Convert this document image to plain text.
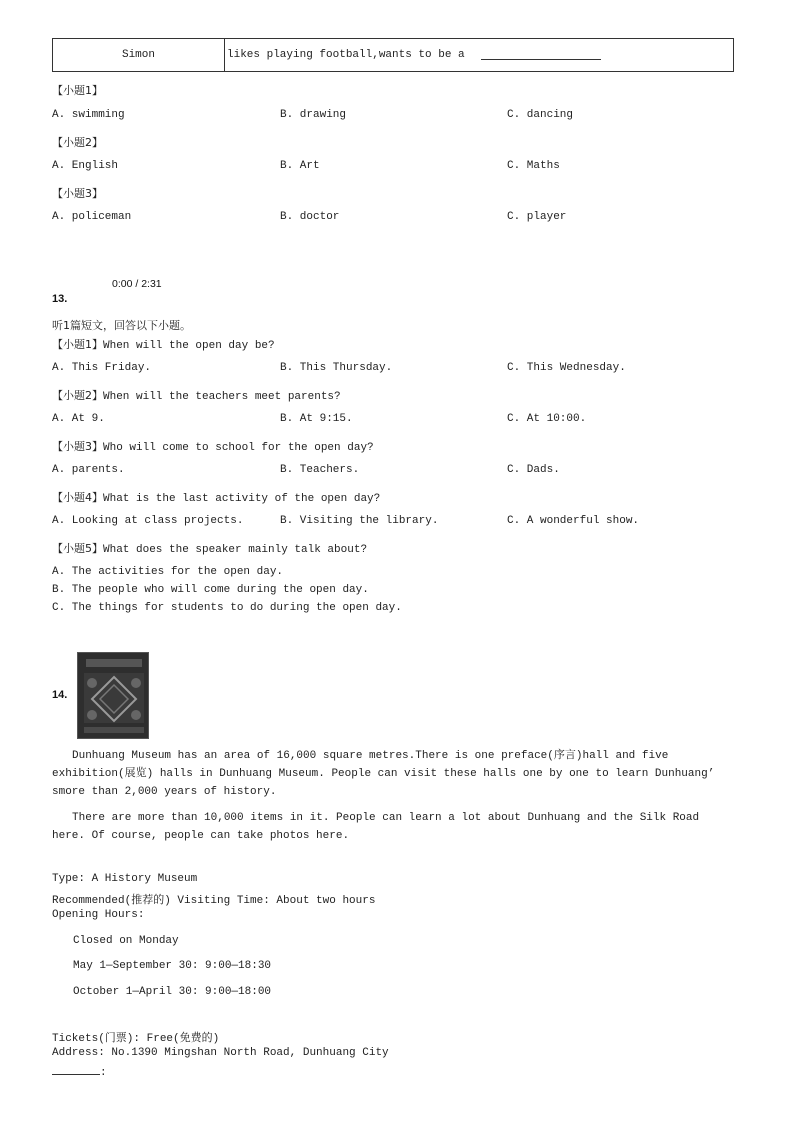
Simon	likes playing football,wants to be a
【小题1】
A. swimming	B. drawing	C. dancing
【小题2】
A. English	B. Art	C. Maths
【小题3】
A. policeman	B. doctor	C. player
0:00 / 2:31
13.
听1篇短文，回答以下小题。
【小题1】When will the open day be?
A. This Friday.	B. This Thursday.	C. This Wednesday.
【小题2】When will the teachers meet parents?
A. At 9.	B. At 9:15.	C. At 10:00.
【小题3】Who will come to school for the open day?
A. parents.	B. Teachers.	C. Dads.
【小题4】What is the last activity of the open day?
A. Looking at class projects.	B. Visiting the library.	C. A wonderful show.
【小题5】What does the speaker mainly talk about?
A. The activities for the open day.
B. The people who will come during the open day.
C. The things for students to do during the open day.
14.
Dunhuang Museum has an area of 16,000 square metres.There is one preface(序言)hall and five exhibition(展览) halls in Dunhuang Museum. People can visit these halls one by one to learn Dunhuang’ smore than 2,000 years of history.
There are more than 10,000 items in it. People can learn a lot about Dunhuang and the Silk Road here. Of course, people can take photos here.
Type: A History Museum
Recommended(推荐的) Visiting Time: About two hours
Opening Hours:
Closed on Monday
May 1—September 30: 9:00—18:30
October 1—April 30: 9:00—18:00
Tickets(门票): Free(免费的)
Address: No.1390 Mingshan North Road, Dunhuang City
:
